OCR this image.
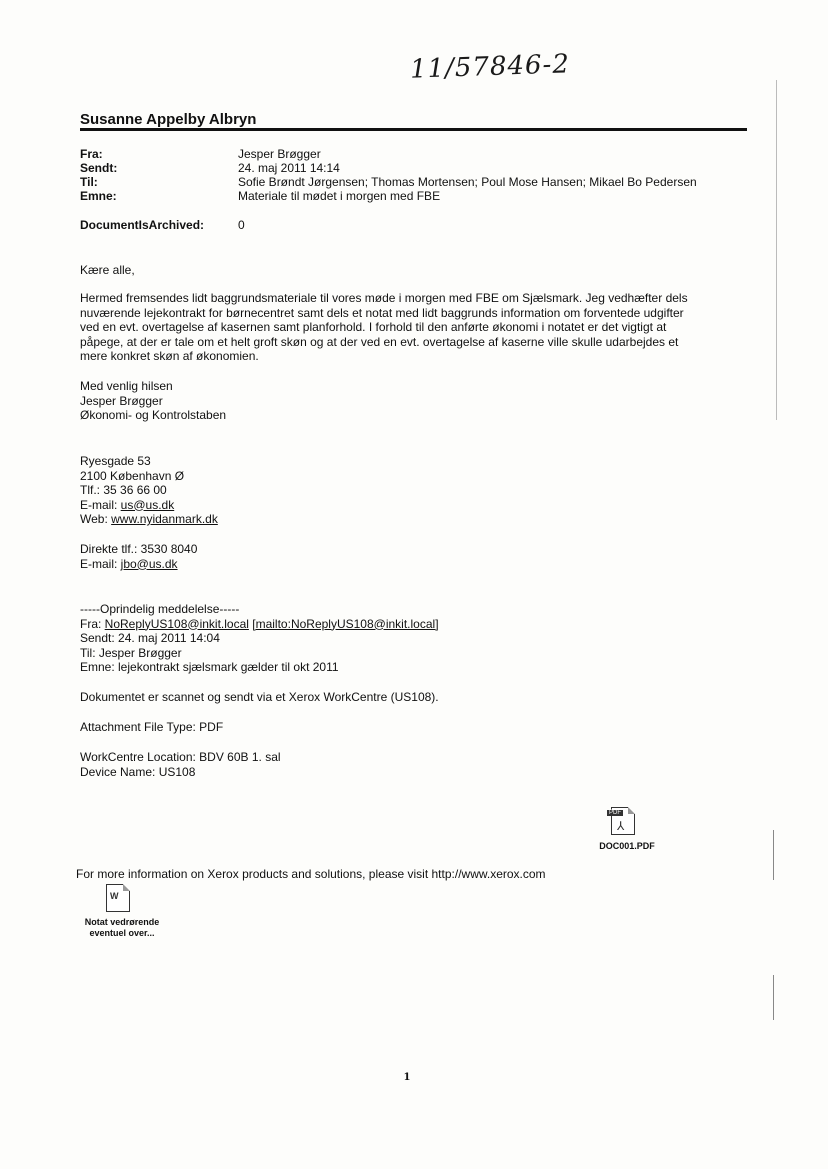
11/57846-2
Susanne Appelby Albryn
Fra:	Jesper Brøgger
Sendt:	24. maj 2011 14:14
Til:	Sofie Brøndt Jørgensen; Thomas Mortensen; Poul Mose Hansen; Mikael Bo Pedersen
Emne:	Materiale til mødet i morgen med FBE
DocumentIsArchived:	0
Kære alle,
Hermed fremsendes lidt baggrundsmateriale til vores møde i morgen med FBE om Sjælsmark. Jeg vedhæfter dels
nuværende lejekontrakt for børnecentret samt dels et notat med lidt baggrunds information om forventede udgifter
ved en evt. overtagelse af kasernen samt planforhold. I forhold til den anførte økonomi i notatet er det vigtigt at
påpege, at der er tale om et helt groft skøn og at der ved en evt. overtagelse af kaserne ville skulle udarbejdes et
mere konkret skøn af økonomien.
Med venlig hilsen
Jesper Brøgger
Økonomi- og Kontrolstaben
Ryesgade 53
2100 København Ø
Tlf.: 35 36 66 00
E-mail: us@us.dk
Web: www.nyidanmark.dk
Direkte tlf.: 3530 8040
E-mail: jbo@us.dk
-----Oprindelig meddelelse-----
Fra: NoReplyUS108@inkit.local [mailto:NoReplyUS108@inkit.local]
Sendt: 24. maj 2011 14:04
Til: Jesper Brøgger
Emne: lejekontrakt sjælsmark gælder til okt 2011
Dokumentet er scannet og sendt via et Xerox WorkCentre (US108).
Attachment File Type: PDF
WorkCentre Location: BDV 60B 1. sal
Device Name: US108
PDF
⅄
DOC001.PDF
For more information on Xerox products and solutions, please visit http://www.xerox.com
W
Notat vedrørende
eventuel over...
1
